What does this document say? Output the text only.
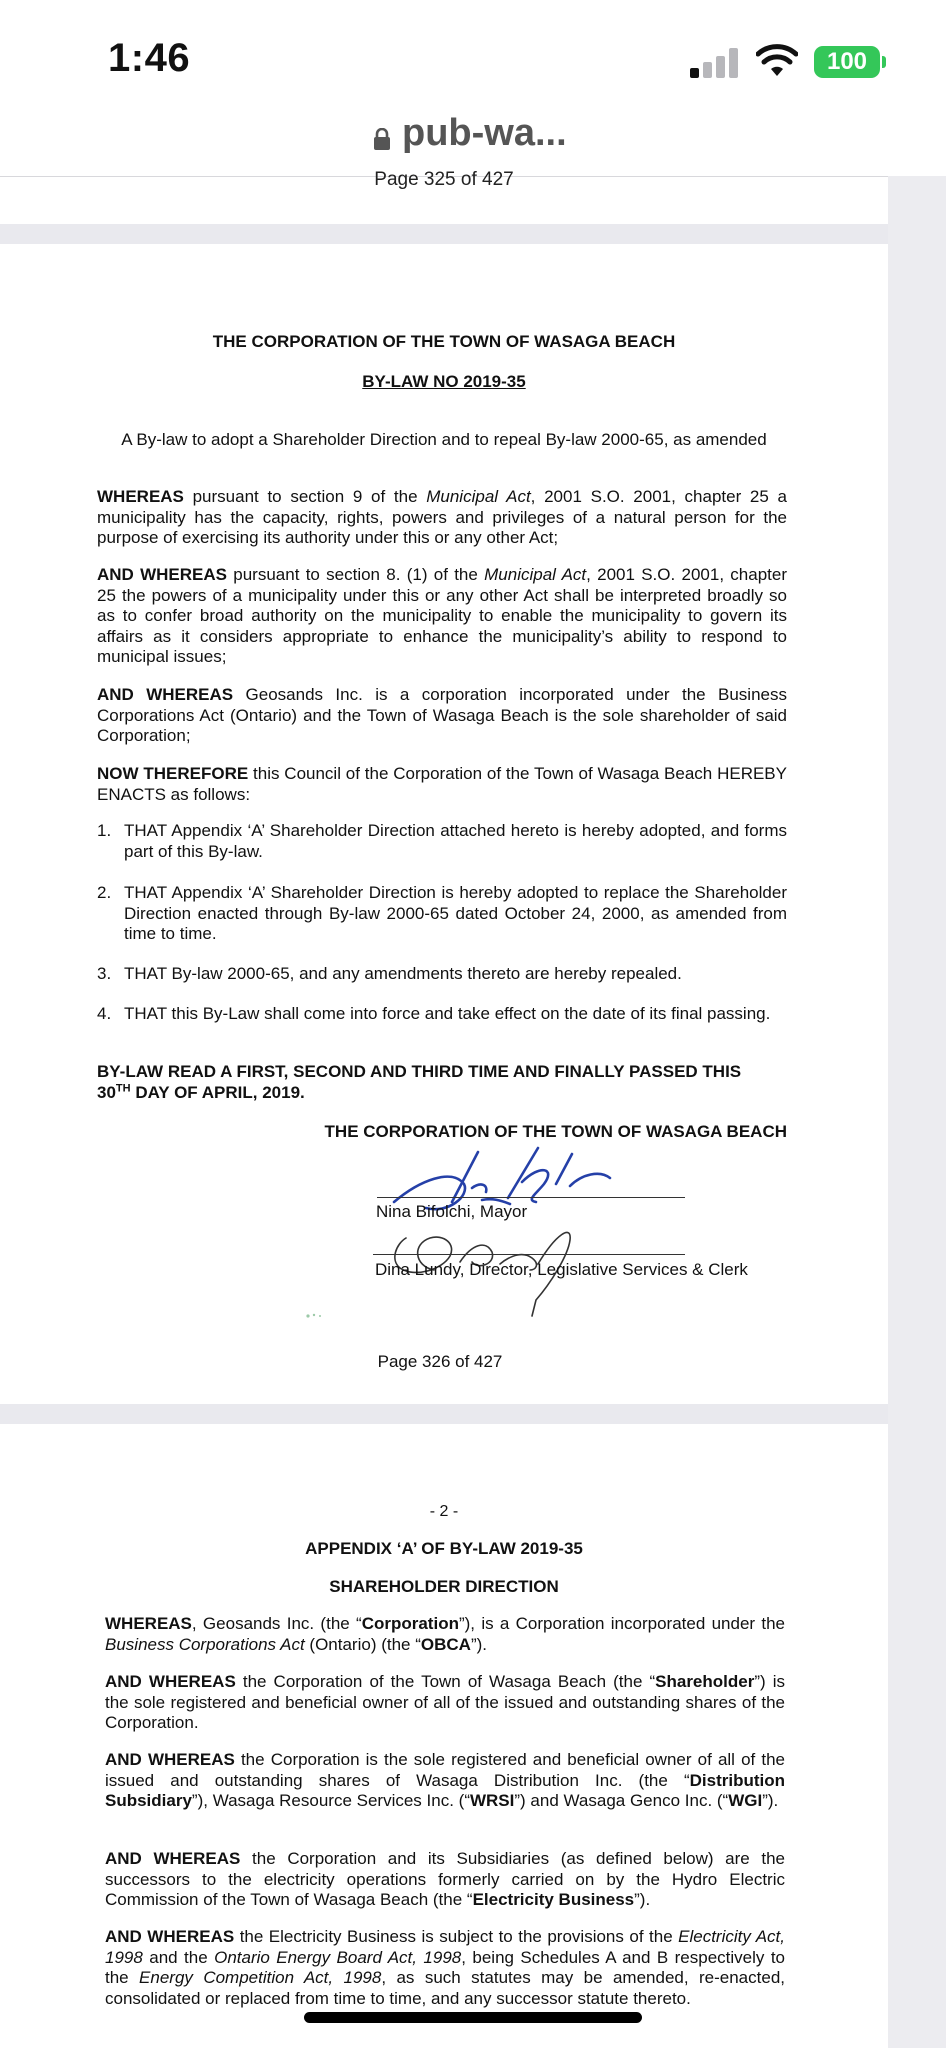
1:46	100
pub-wa...
Page 325 of 427
THE CORPORATION OF THE TOWN OF WASAGA BEACH
BY-LAW NO 2019-35
A By-law to adopt a Shareholder Direction and to repeal By-law 2000-65, as amended
WHEREAS pursuant to section 9 of the Municipal Act, 2001 S.O. 2001, chapter 25 a municipality has the capacity, rights, powers and privileges of a natural person for the purpose of exercising its authority under this or any other Act;
AND WHEREAS pursuant to section 8. (1) of the Municipal Act, 2001 S.O. 2001, chapter 25 the powers of a municipality under this or any other Act shall be interpreted broadly so as to confer broad authority on the municipality to enable the municipality to govern its affairs as it considers appropriate to enhance the municipality’s ability to respond to municipal issues;
AND WHEREAS Geosands Inc. is a corporation incorporated under the Business Corporations Act (Ontario) and the Town of Wasaga Beach is the sole shareholder of said Corporation;
NOW THEREFORE this Council of the Corporation of the Town of Wasaga Beach HEREBY ENACTS as follows:
1. THAT Appendix ‘A’ Shareholder Direction attached hereto is hereby adopted, and forms part of this By-law.
2. THAT Appendix ‘A’ Shareholder Direction is hereby adopted to replace the Shareholder Direction enacted through By-law 2000-65 dated October 24, 2000, as amended from time to time.
3. THAT By-law 2000-65, and any amendments thereto are hereby repealed.
4. THAT this By-Law shall come into force and take effect on the date of its final passing.
BY-LAW READ A FIRST, SECOND AND THIRD TIME AND FINALLY PASSED THIS
30TH DAY OF APRIL, 2019.
THE CORPORATION OF THE TOWN OF WASAGA BEACH
Nina Bifolchi, Mayor
Dina Lundy, Director, Legislative Services & Clerk
Page 326 of 427
- 2 -
APPENDIX ‘A’ OF BY-LAW 2019-35
SHAREHOLDER DIRECTION
WHEREAS, Geosands Inc. (the “Corporation”), is a Corporation incorporated under the Business Corporations Act (Ontario) (the “OBCA”).
AND WHEREAS the Corporation of the Town of Wasaga Beach (the “Shareholder”) is the sole registered and beneficial owner of all of the issued and outstanding shares of the Corporation.
AND WHEREAS the Corporation is the sole registered and beneficial owner of all of the issued and outstanding shares of Wasaga Distribution Inc. (the “Distribution Subsidiary”), Wasaga Resource Services Inc. (“WRSI”) and Wasaga Genco Inc. (“WGI”).
AND WHEREAS the Corporation and its Subsidiaries (as defined below) are the successors to the electricity operations formerly carried on by the Hydro Electric Commission of the Town of Wasaga Beach (the “Electricity Business”).
AND WHEREAS the Electricity Business is subject to the provisions of the Electricity Act, 1998 and the Ontario Energy Board Act, 1998, being Schedules A and B respectively to the Energy Competition Act, 1998, as such statutes may be amended, re-enacted, consolidated or replaced from time to time, and any successor statute thereto.
